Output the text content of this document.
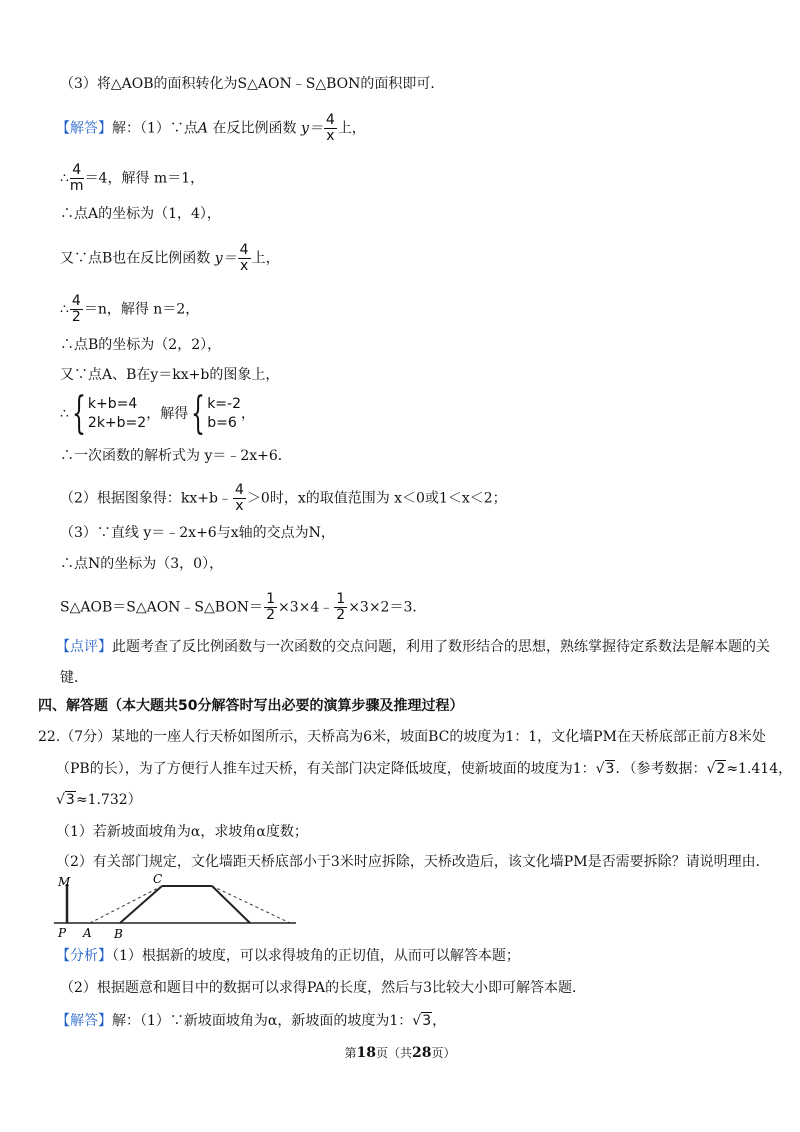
（3）将△AOB的面积转化为S△AON﹣S△BON的面积即可．
【解答】解：（1）∵点A 在反比例函数 $y= \frac{4}{x}$ 上，
∴ $\frac{4}{m} =4$，解得 m＝1，
∴点A的坐标为（1，4），
又∵点B也在反比例函数 $y= \frac{4}{x}$ 上，
∴ $\frac{4}{2} =n$，解得 n＝2，
∴点B的坐标为（2，2），
又∵点A、B在y＝kx+b的图象上，
∴{ k+b=4
2k+b=2
，解得{ k=-2
b=6
，
∴一次函数的解析式为 y＝﹣2x+6．
（2）根据图象得：kx+b﹣ $\frac{4}{x} >0$时，x的取值范围为 x＜0或1＜x＜2；
（3）∵直线 y＝﹣2x+6与x轴的交点为N，
∴点N的坐标为（3，0），
S△AOB＝S△AON﹣S△BON＝ $\frac{1}{2}$ ×3×4﹣ $\frac{1}{2} \times 3\times 2=3$．
【点评】此题考查了反比例函数与一次函数的交点问题，利用了数形结合的思想，熟练掌握待定系数法是解本题的关
键．
四、解答题（本大题共50分解答时写出必要的演算步骤及推理过程）
22.（7分）某地的一座人行天桥如图所示，天桥高为6米，坡面BC的坡度为1：1，文化墙PM在天桥底部正前方8米处
（PB的长），为了方便行人推车过天桥，有关部门决定降低坡度，使新坡面的坡度为1：√3．（参考数据：√2≈1.414，
√3≈1.732）
（1）若新坡面坡角为α，求坡角α度数；
（2）有关部门规定，文化墙距天桥底部小于3米时应拆除，天桥改造后，该文化墙PM是否需要拆除？请说明理由．
M	C
P A B
【分析】（1）根据新的坡度，可以求得坡角的正切值，从而可以解答本题；
（2）根据题意和题目中的数据可以求得PA的长度，然后与3比较大小即可解答本题．
【解答】解：（1）∵新坡面坡角为α，新坡面的坡度为1：√3，
第18页（共28页）
